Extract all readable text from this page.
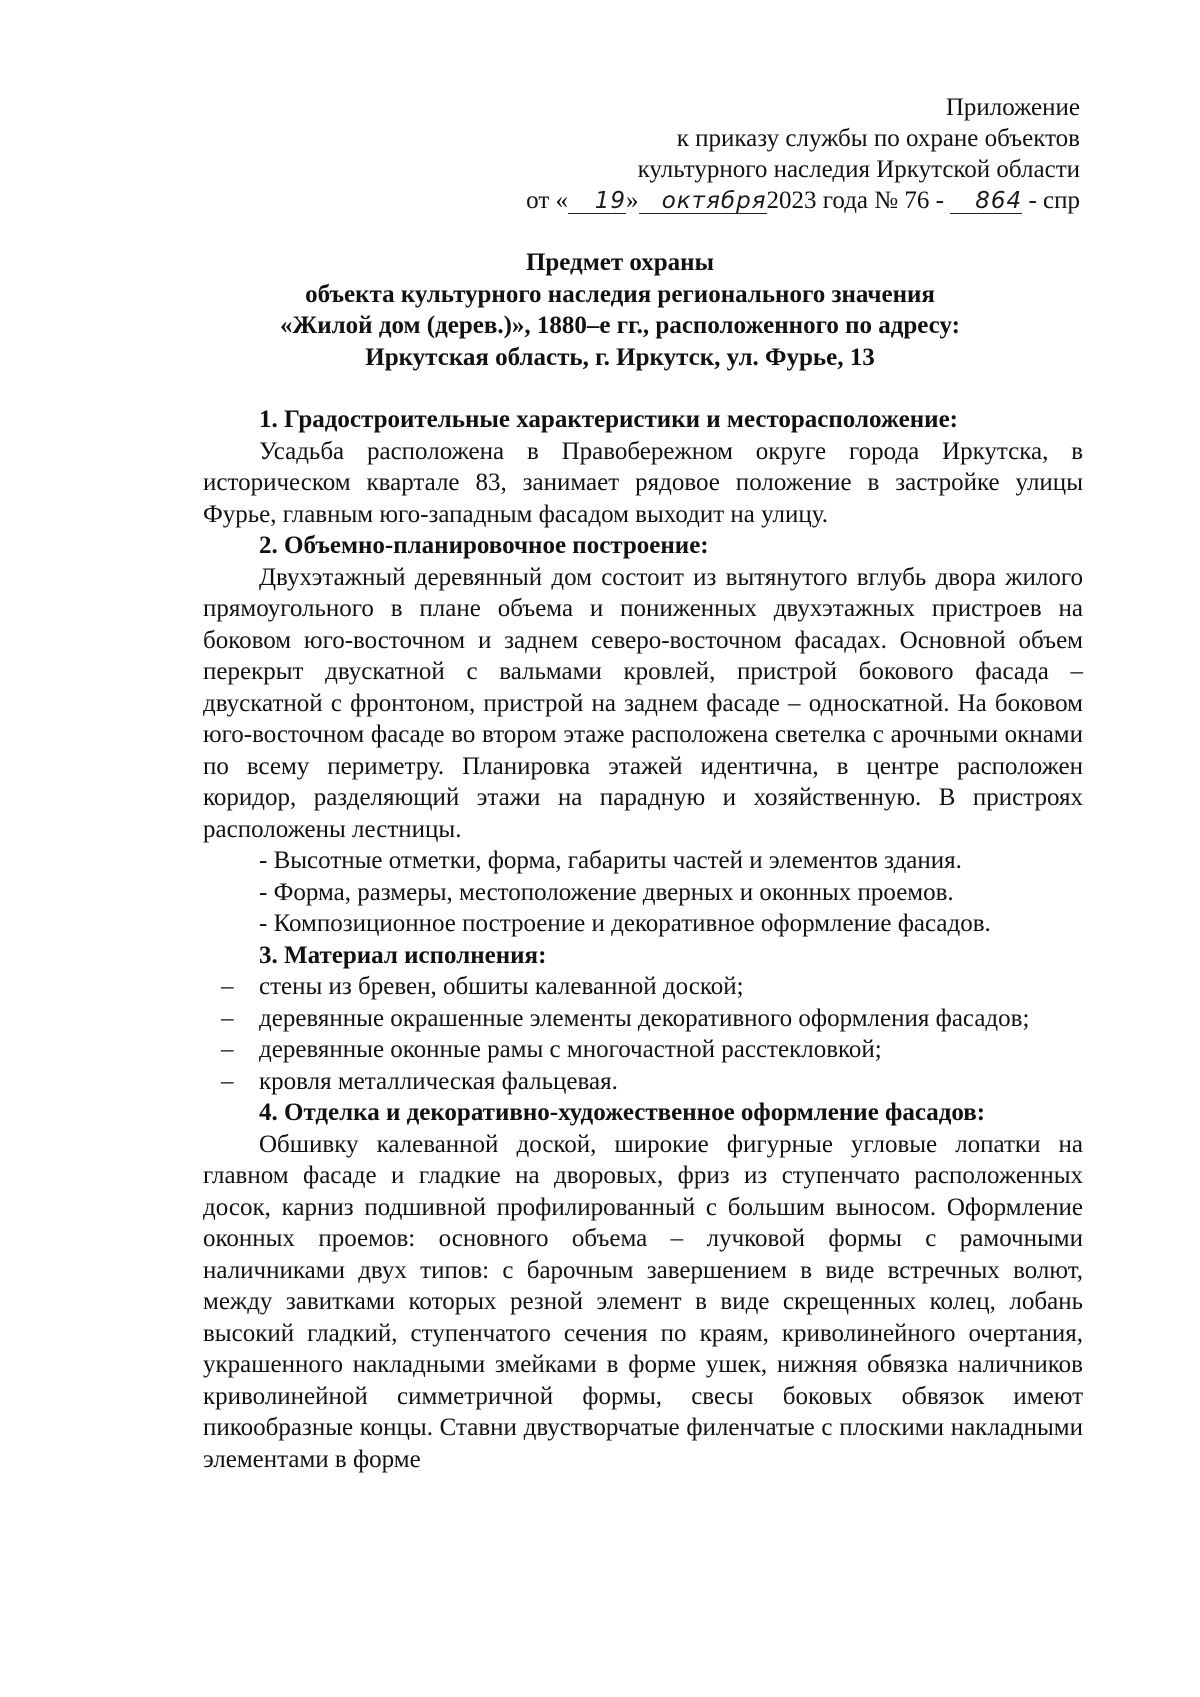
Приложение
к приказу службы по охране объектов
культурного наследия Иркутской области
от « 19» октября2023 года № 76 - 864 - спр
Предмет охраны
объекта культурного наследия регионального значения
«Жилой дом (дерев.)», 1880–е гг., расположенного по адресу:
Иркутская область, г. Иркутск, ул. Фурье, 13

1. Градостроительные характеристики и месторасположение:

Усадьба расположена в Правобережном округе города Иркутска, в историческом квартале 83, занимает рядовое положение в застройке улицы Фурье, главным юго-западным фасадом выходит на улицу.

2. Объемно-планировочное построение:

Двухэтажный деревянный дом состоит из вытянутого вглубь двора жилого прямоугольного в плане объема и пониженных двухэтажных пристроев на боковом юго-восточном и заднем северо-восточном фасадах. Основной объем перекрыт двускатной с вальмами кровлей, пристрой бокового фасада – двускатной с фронтоном, пристрой на заднем фасаде – односкатной. На боковом юго-восточном фасаде во втором этаже расположена светелка с арочными окнами по всему периметру. Планировка этажей идентична, в центре расположен коридор, разделяющий этажи на парадную и хозяйственную. В пристроях расположены лестницы.

- Высотные отметки, форма, габариты частей и элементов здания.

- Форма, размеры, местоположение дверных и оконных проемов.

- Композиционное построение и декоративное оформление фасадов.

3. Материал исполнения:

– стены из бревен, обшиты калеванной доской;
– деревянные окрашенные элементы декоративного оформления фасадов;
– деревянные оконные рамы с многочастной расстекловкой;
– кровля металлическая фальцевая.

4. Отделка и декоративно-художественное оформление фасадов:

Обшивку калеванной доской, широкие фигурные угловые лопатки на главном фасаде и гладкие на дворовых, фриз из ступенчато расположенных досок, карниз подшивной профилированный с большим выносом. Оформление оконных проемов: основного объема – лучковой формы с рамочными наличниками двух типов: с барочным завершением в виде встречных волют, между завитками которых резной элемент в виде скрещенных колец, лобань высокий гладкий, ступенчатого сечения по краям, криволинейного очертания, украшенного накладными змейками в форме ушек, нижняя обвязка наличников криволинейной симметричной формы, свесы боковых обвязок имеют пикообразные концы. Ставни двустворчатые филенчатые с плоскими накладными элементами в форме
